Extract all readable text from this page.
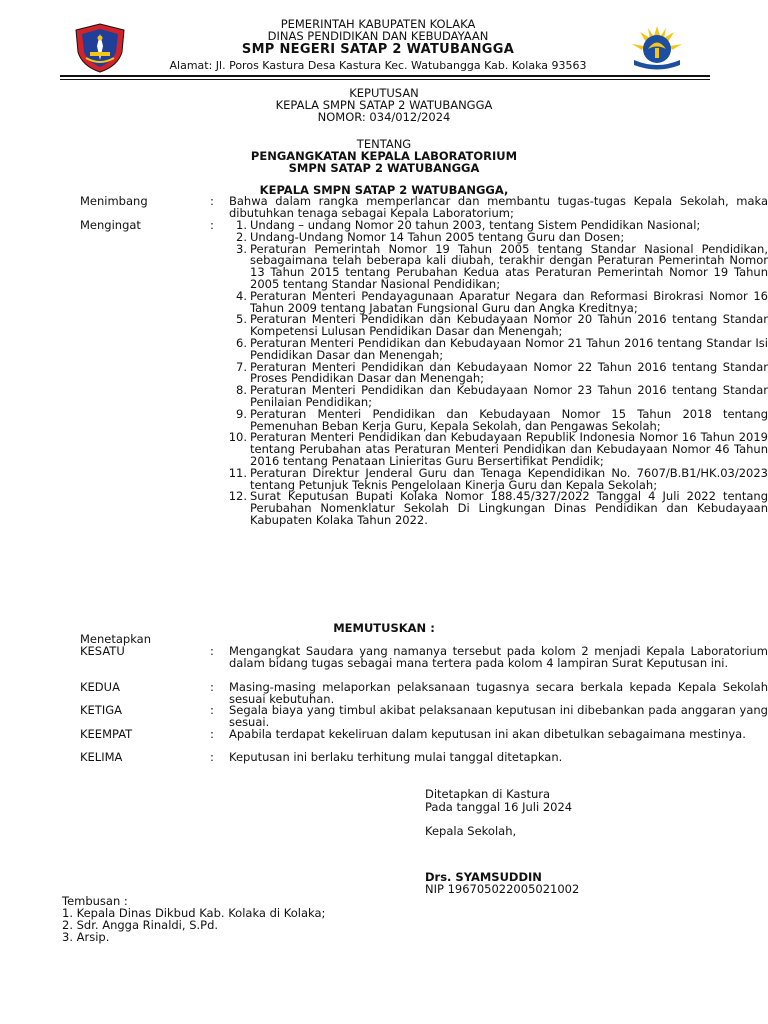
PEMERINTAH KABUPATEN KOLAKA
DINAS PENDIDIKAN DAN KEBUDAYAAN
SMP NEGERI SATAP 2 WATUBANGGA
Alamat: Jl. Poros Kastura Desa Kastura Kec. Watubangga Kab. Kolaka 93563
KEPUTUSAN
KEPALA SMPN SATAP 2 WATUBANGGA
NOMOR: 034/012/2024
TENTANG
PENGANGKATAN KEPALA LABORATORIUM
SMPN SATAP 2 WATUBANGGA
KEPALA SMPN SATAP 2 WATUBANGGA,
Menimbang	: Bahwa dalam rangka memperlancar dan membantu tugas-tugas Kepala Sekolah, maka dibutuhkan tenaga sebagai Kepala Laboratorium;
Mengingat	:	1. Undang – undang Nomor 20 tahun 2003, tentang Sistem Pendidikan Nasional;
2. Undang-Undang Nomor 14 Tahun 2005 tentang Guru dan Dosen;
3. Peraturan Pemerintah Nomor 19 Tahun 2005 tentang Standar Nasional Pendidikan, sebagaimana telah beberapa kali diubah, terakhir dengan Peraturan Pemerintah Nomor 13 Tahun 2015 tentang Perubahan Kedua atas Peraturan Pemerintah Nomor 19 Tahun 2005 tentang Standar Nasional Pendidikan;
4. Peraturan Menteri Pendayagunaan Aparatur Negara dan Reformasi Birokrasi Nomor 16 Tahun 2009 tentang Jabatan Fungsional Guru dan Angka Kreditnya;
5. Peraturan Menteri Pendidikan dan Kebudayaan Nomor 20 Tahun 2016 tentang Standar Kompetensi Lulusan Pendidikan Dasar dan Menengah;
6. Peraturan Menteri Pendidikan dan Kebudayaan Nomor 21 Tahun 2016 tentang Standar Isi Pendidikan Dasar dan Menengah;
7. Peraturan Menteri Pendidikan dan Kebudayaan Nomor 22 Tahun 2016 tentang Standar Proses Pendidikan Dasar dan Menengah;
8. Peraturan Menteri Pendidikan dan Kebudayaan Nomor 23 Tahun 2016 tentang Standar Penilaian Pendidikan;
9. Peraturan Menteri Pendidikan dan Kebudayaan Nomor 15 Tahun 2018 tentang Pemenuhan Beban Kerja Guru, Kepala Sekolah, dan Pengawas Sekolah;
10. Peraturan Menteri Pendidikan dan Kebudayaan Republik Indonesia Nomor 16 Tahun 2019 tentang Perubahan atas Peraturan Menteri Pendidikan dan Kebudayaan Nomor 46 Tahun 2016 tentang Penataan Linieritas Guru Bersertifikat Pendidik;
11. Peraturan Direktur Jenderal Guru dan Tenaga Kependidikan No. 7607/B.B1/HK.03/2023 tentang Petunjuk Teknis Pengelolaan Kinerja Guru dan Kepala Sekolah;
12. Surat Keputusan Bupati Kolaka Nomor 188.45/327/2022 Tanggal 4 Juli 2022 tentang Perubahan Nomenklatur Sekolah Di Lingkungan Dinas Pendidikan dan Kebudayaan Kabupaten Kolaka Tahun 2022.
MEMUTUSKAN :
Menetapkan
KESATU	: Mengangkat Saudara yang namanya tersebut pada kolom 2 menjadi Kepala Laboratorium dalam bidang tugas sebagai mana tertera pada kolom 4 lampiran Surat Keputusan ini.
KEDUA	: Masing-masing melaporkan pelaksanaan tugasnya secara berkala kepada Kepala Sekolah sesuai kebutuhan.
KETIGA	: Segala biaya yang timbul akibat pelaksanaan keputusan ini dibebankan pada anggaran yang sesuai.
KEEMPAT	: Apabila terdapat kekeliruan dalam keputusan ini akan dibetulkan sebagaimana mestinya.
KELIMA	: Keputusan ini berlaku terhitung mulai tanggal ditetapkan.
Ditetapkan di Kastura
Pada tanggal 16 Juli 2024
Kepala Sekolah,
Drs. SYAMSUDDIN
NIP 196705022005021002
Tembusan :
1. Kepala Dinas Dikbud Kab. Kolaka di Kolaka;
2. Sdr. Angga Rinaldi, S.Pd.
3. Arsip.
